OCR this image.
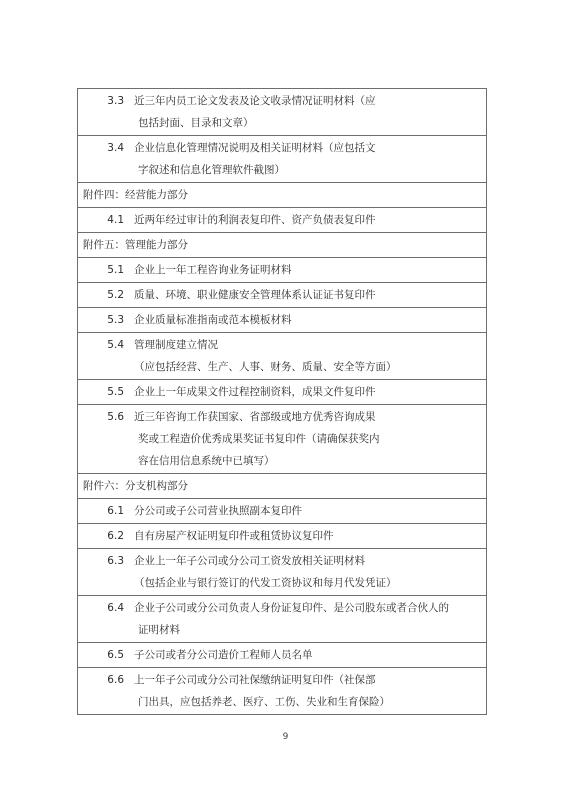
3.3 近三年内员工论文发表及论文收录情况证明材料（应
包括封面、目录和文章）

3.4 企业信息化管理情况说明及相关证明材料（应包括文
字叙述和信息化管理软件截图）

附件四：经营能力部分

4.1 近两年经过审计的利润表复印件、资产负债表复印件

附件五：管理能力部分

5.1 企业上一年工程咨询业务证明材料

5.2 质量、环境、职业健康安全管理体系认证证书复印件

5.3 企业质量标准指南或范本模板材料

5.4 管理制度建立情况
（应包括经营、生产、人事、财务、质量、安全等方面）

5.5 企业上一年成果文件过程控制资料，成果文件复印件

5.6 近三年咨询工作获国家、省部级或地方优秀咨询成果
奖或工程造价优秀成果奖证书复印件（请确保获奖内
容在信用信息系统中已填写）

附件六：分支机构部分

6.1 分公司或子公司营业执照副本复印件

6.2 自有房屋产权证明复印件或租赁协议复印件

6.3 企业上一年子公司或分公司工资发放相关证明材料
（包括企业与银行签订的代发工资协议和每月代发凭证）

6.4 企业子公司或分公司负责人身份证复印件、是公司股东或者合伙人的
证明材料

6.5 子公司或者分公司造价工程师人员名单

6.6 上一年子公司或分公司社保缴纳证明复印件（社保部
门出具，应包括养老、医疗、工伤、失业和生育保险）
9
